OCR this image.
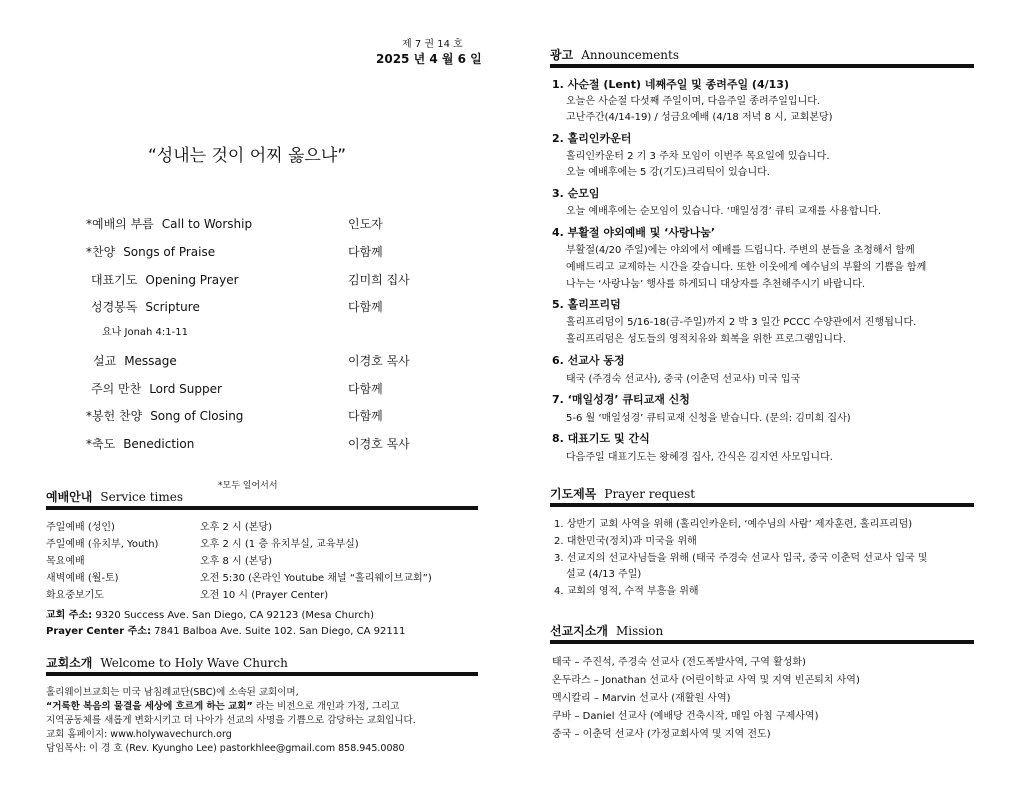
제 7 권 14 호
2025 년 4 월 6 일
“성내는 것이 어찌 옳으냐”
*예배의 부름 Call to Worship	인도자
*찬양 Songs of Praise	다함께
대표기도 Opening Prayer	김미희 집사
성경봉독 Scripture	다함께
요나 Jonah 4:1-11
설교 Message	이경호 목사
주의 만찬 Lord Supper	다함께
*봉헌 찬양 Song of Closing	다함께
*축도 Benediction	이경호 목사
*모두 일어서서
예배안내 Service times
주일예배 (성인)	오후 2 시 (본당)
주일예배 (유치부, Youth)	오후 2 시 (1 층 유치부실, 교육부실)
목요예배	오후 8 시 (본당)
새벽예배 (월-토)	오전 5:30 (온라인 Youtube 채널 “홀리웨이브교회”)
화요중보기도	오전 10 시 (Prayer Center)
교회 주소: 9320 Success Ave. San Diego, CA 92123 (Mesa Church)
Prayer Center 주소: 7841 Balboa Ave. Suite 102. San Diego, CA 92111
교회소개 Welcome to Holy Wave Church
홀리웨이브교회는 미국 남침례교단(SBC)에 소속된 교회이며,
“거룩한 복음의 물결을 세상에 흐르게 하는 교회” 라는 비전으로 개인과 가정, 그리고
지역공동체를 새롭게 변화시키고 더 나아가 선교의 사명을 기쁨으로 감당하는 교회입니다.
교회 홈페이지: www.holywavechurch.org
담임목사: 이 경 호 (Rev. Kyungho Lee) pastorkhlee@gmail.com 858.945.0080
광고 Announcements
1. 사순절 (Lent) 네째주일 및 종려주일 (4/13)
오늘은 사순절 다섯째 주일이며, 다음주일 종려주일입니다.
고난주간(4/14-19) / 성금요예배 (4/18 저녁 8 시, 교회본당)
2. 홀리인카운터
홀리인카운터 2 기 3 주차 모임이 이번주 목요일에 있습니다.
오늘 예배후에는 5 강(기도)크리틱이 있습니다.
3. 순모임
오늘 예배후에는 순모임이 있습니다. ‘매일성경’ 큐티 교재를 사용합니다.
4. 부활절 야외예배 및 ‘사랑나눔’
부활절(4/20 주일)에는 야외에서 예배를 드립니다. 주변의 분들을 초청해서 함께
예배드리고 교제하는 시간을 갖습니다. 또한 이웃에게 예수님의 부활의 기쁨을 함께
나누는 ‘사랑나눔’ 행사를 하게되니 대상자를 추천해주시기 바랍니다.
5. 홀리프리덤
홀리프리덤이 5/16-18(금-주일)까지 2 박 3 일간 PCCC 수양관에서 진행됩니다.
홀리프리덤은 성도들의 영적치유와 회복을 위한 프로그램입니다.
6. 선교사 동정
태국 (주경숙 선교사), 중국 (이춘덕 선교사) 미국 입국
7. ‘매일성경’ 큐티교재 신청
5-6 월 ‘매일성경’ 큐티교재 신청을 받습니다. (문의: 김미희 집사)
8. 대표기도 및 간식
다음주일 대표기도는 왕혜경 집사, 간식은 김지연 사모입니다.
기도제목 Prayer request
1. 상반기 교회 사역을 위해 (홀리인카운터, ‘예수님의 사람’ 제자훈련, 홀리프리덤)
2. 대한민국(정치)과 미국을 위해
3. 선교지의 선교사님들을 위해 (태국 주경숙 선교사 입국, 중국 이춘덕 선교사 입국 및
설교 (4/13 주일)
4. 교회의 영적, 수적 부흥을 위해
선교지소개 Mission
태국 – 주진석, 주경숙 선교사 (전도폭발사역, 구역 활성화)
온두라스 – Jonathan 선교사 (어린이학교 사역 및 지역 빈곤퇴치 사역)
멕시칼리 – Marvin 선교사 (재활원 사역)
쿠바 – Daniel 선교사 (예배당 건축시작, 매일 아침 구제사역)
중국 – 이춘덕 선교사 (가정교회사역 및 지역 전도)
